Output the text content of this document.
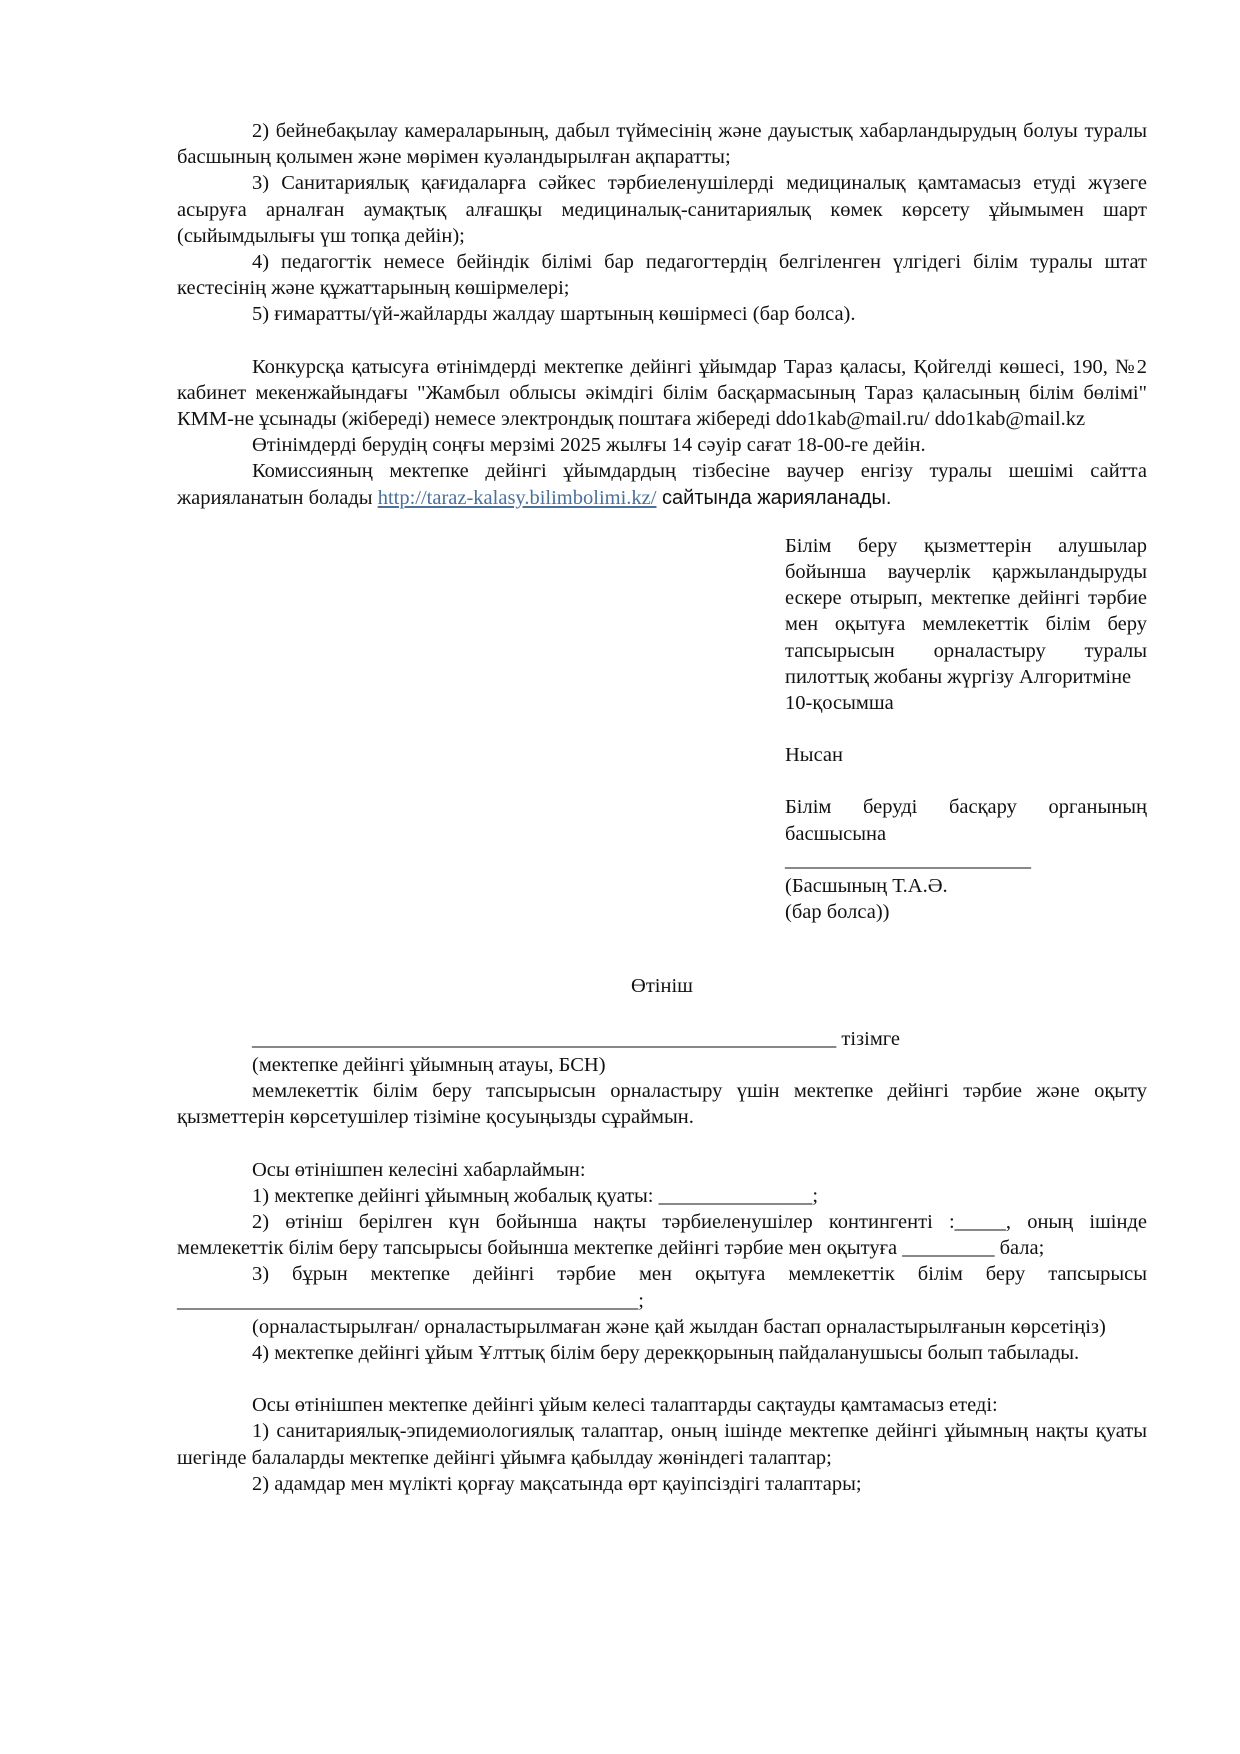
2) бейнебақылау камераларының, дабыл түймесінің және дауыстық хабарландырудың болуы туралы басшының қолымен және мөрімен куәландырылған ақпаратты;

3) Санитариялық қағидаларға сәйкес тәрбиеленушілерді медициналық қамтамасыз етуді жүзеге асыруға арналған аумақтық алғашқы медициналық-санитариялық көмек көрсету ұйымымен шарт (сыйымдылығы үш топқа дейін);

4) педагогтік немесе бейіндік білімі бар педагогтердің белгіленген үлгідегі білім туралы штат кестесінің және құжаттарының көшірмелері;

5) ғимаратты/үй-жайларды жалдау шартының көшірмесі (бар болса).

Конкурсқа қатысуға өтінімдерді мектепке дейінгі ұйымдар Тараз қаласы, Қойгелді көшесі, 190, №2 кабинет мекенжайындағы "Жамбыл облысы әкімдігі білім басқармасының Тараз қаласының білім бөлімі" КММ-не ұсынады (жібереді) немесе электрондық поштаға жібереді ddo1kab@mail.ru/ ddo1kab@mail.kz

Өтінімдерді берудің соңғы мерзімі 2025 жылғы 14 сәуір сағат 18-00-ге дейін.

Комиссияның мектепке дейінгі ұйымдардың тізбесіне ваучер енгізу туралы шешімі сайтта жарияланатын болады http://taraz-kalasy.bilimbolimi.kz/ сайтында жарияланады.

Білім беру қызметтерін алушылар бойынша ваучерлік қаржыландыруды ескере отырып, мектепке дейінгі тәрбие мен оқытуға мемлекеттік білім беру тапсырысын орналастыру туралы пилоттық жобаны жүргізу Алгоритміне

10-қосымша

Нысан

Білім беруді басқару органының басшысына

________________________

(Басшының Т.А.Ә.

(бар болса))

Өтініш

_________________________________________________________ тізімге

(мектепке дейінгі ұйымның атауы, БСН)

мемлекеттік білім беру тапсырысын орналастыру үшін мектепке дейінгі тәрбие және оқыту қызметтерін көрсетушілер тізіміне қосуыңызды сұраймын.

Осы өтінішпен келесіні хабарлаймын:

1) мектепке дейінгі ұйымның жобалық қуаты: _______________;

2) өтініш берілген күн бойынша нақты тәрбиеленушілер контингенті :_____, оның ішінде мемлекеттік білім беру тапсырысы бойынша мектепке дейінгі тәрбие мен оқытуға _________ бала;

3) бұрын мектепке дейінгі тәрбие мен оқытуға мемлекеттік білім беру тапсырысы

_____________________________________________;

(орналастырылған/ орналастырылмаған және қай жылдан бастап орналастырылғанын көрсетіңіз)

4) мектепке дейінгі ұйым Ұлттық білім беру дерекқорының пайдаланушысы болып табылады.

Осы өтінішпен мектепке дейінгі ұйым келесі талаптарды сақтауды қамтамасыз етеді:

1) санитариялық-эпидемиологиялық талаптар, оның ішінде мектепке дейінгі ұйымның нақты қуаты шегінде балаларды мектепке дейінгі ұйымға қабылдау жөніндегі талаптар;

2) адамдар мен мүлікті қорғау мақсатында өрт қауіпсіздігі талаптары;
